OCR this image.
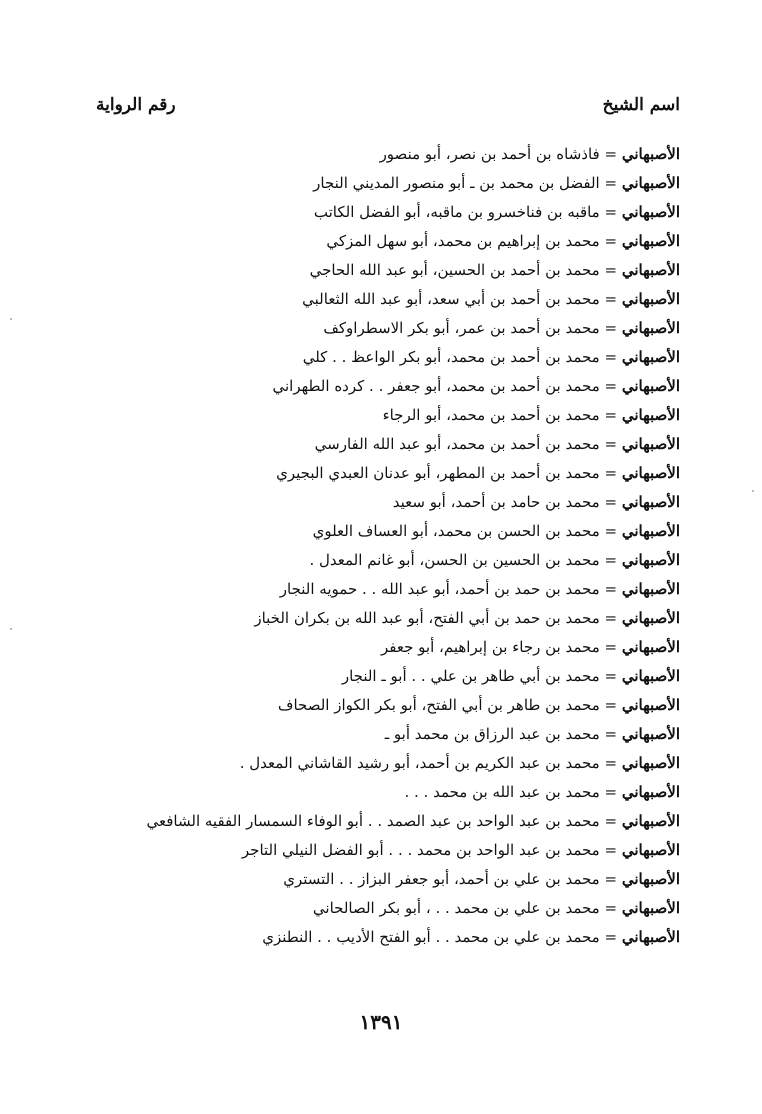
اسم الشيخ
رقم الرواية
الأصبهاني = فاذشاه بن أحمد بن نصر، أبو منصور
الأصبهاني = الفضل بن محمد بن ـ أبو منصور المديني النجار
الأصبهاني = ماقبه بن فناخسرو بن ماقبه، أبو الفضل الكاتب
الأصبهاني = محمد بن إبراهيم بن محمد، أبو سهل المزكي
الأصبهاني = محمد بن أحمد بن الحسين، أبو عبد الله الحاجي
الأصبهاني = محمد بن أحمد بن أبي سعد، أبو عبد الله الثعالبي
الأصبهاني = محمد بن أحمد بن عمر، أبو بكر الاسطراوكف
الأصبهاني = محمد بن أحمد بن محمد، أبو بكر الواعظ . . كلي
الأصبهاني = محمد بن أحمد بن محمد، أبو جعفر . . كرده الطهراني
الأصبهاني = محمد بن أحمد بن محمد، أبو الرجاء
الأصبهاني = محمد بن أحمد بن محمد، أبو عبد الله الفارسي
الأصبهاني = محمد بن أحمد بن المطهر، أبو عدنان العبدي البجيري
الأصبهاني = محمد بن حامد بن أحمد، أبو سعيد
الأصبهاني = محمد بن الحسن بن محمد، أبو العساف العلوي
الأصبهاني = محمد بن الحسين بن الحسن، أبو غانم المعدل .
الأصبهاني = محمد بن حمد بن أحمد، أبو عبد الله . . حمويه النجار
الأصبهاني = محمد بن حمد بن أبي الفتح، أبو عبد الله بن بكران الخباز
الأصبهاني = محمد بن رجاء بن إبراهيم، أبو جعفر
الأصبهاني = محمد بن أبي طاهر بن علي . . أبو ـ النجار
الأصبهاني = محمد بن طاهر بن أبي الفتح، أبو بكر الكواز الصحاف
الأصبهاني = محمد بن عبد الرزاق بن محمد أبو ـ
الأصبهاني = محمد بن عبد الكريم بن أحمد، أبو رشيد القاشاني المعدل .
الأصبهاني = محمد بن عبد الله بن محمد . . .
الأصبهاني = محمد بن عبد الواحد بن عبد الصمد . . أبو الوفاء السمسار الفقيه الشافعي
الأصبهاني = محمد بن عبد الواحد بن محمد . . . أبو الفضل النيلي التاجر
الأصبهاني = محمد بن علي بن أحمد، أبو جعفر البزاز . . التستري
الأصبهاني = محمد بن علي بن محمد . . ، أبو بكر الصالحاني
الأصبهاني = محمد بن علي بن محمد . . أبو الفتح الأديب . . النطنزي
١٣٩١
